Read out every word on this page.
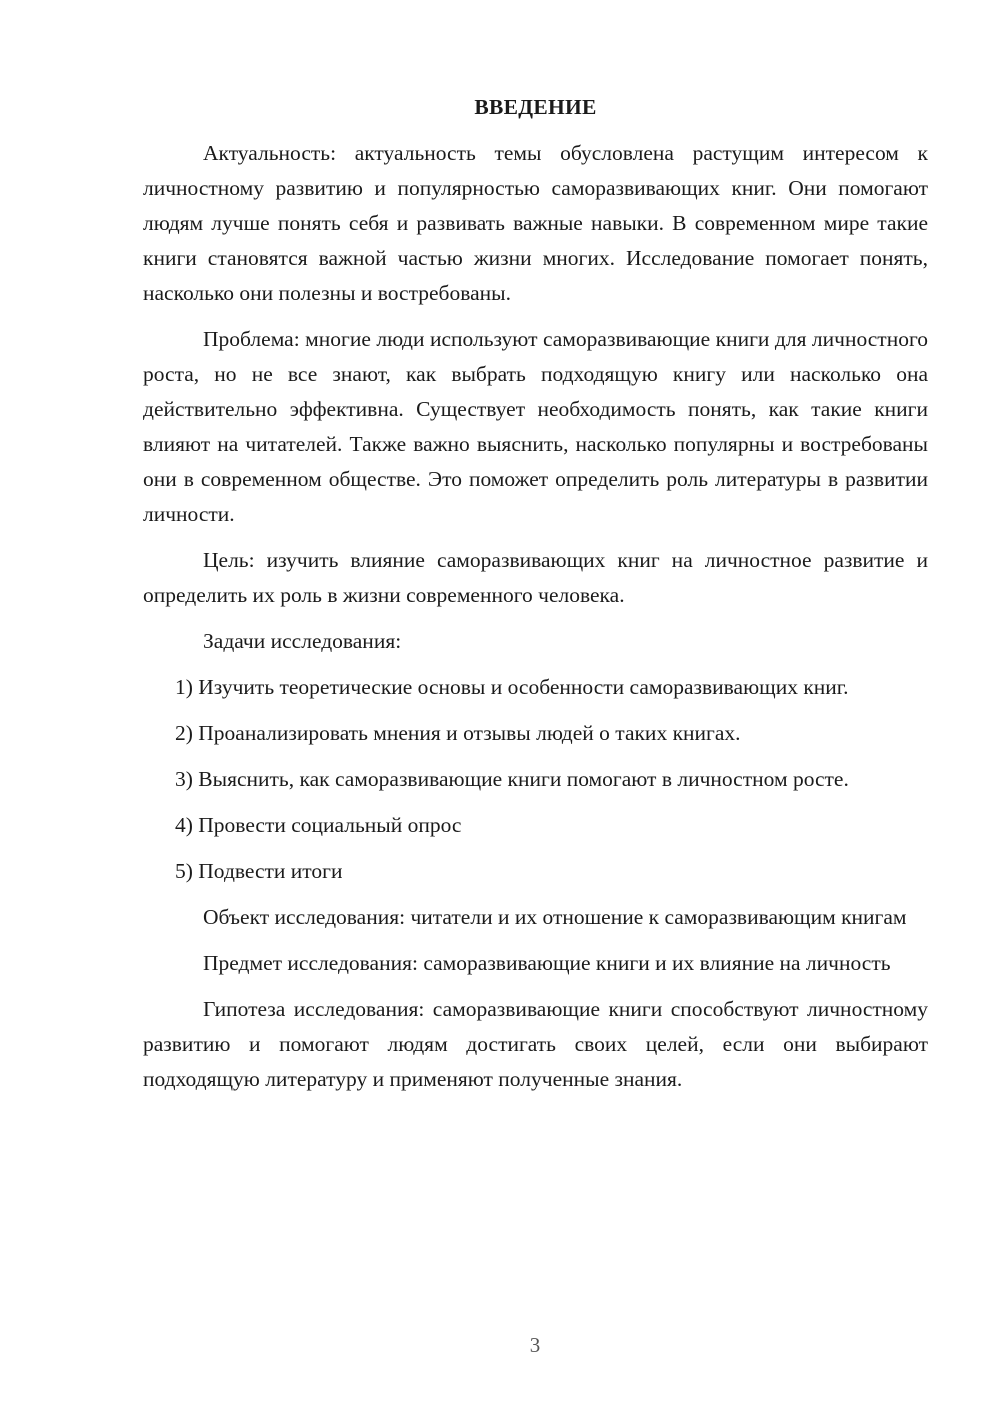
ВВЕДЕНИЕ

Актуальность: актуальность темы обусловлена растущим интересом к личностному развитию и популярностью саморазвивающих книг. Они помогают людям лучше понять себя и развивать важные навыки. В современном мире такие книги становятся важной частью жизни многих. Исследование помогает понять, насколько они полезны и востребованы.

Проблема: многие люди используют саморазвивающие книги для личностного роста, но не все знают, как выбрать подходящую книгу или насколько она действительно эффективна. Существует необходимость понять, как такие книги влияют на читателей. Также важно выяснить, насколько популярны и востребованы они в современном обществе. Это поможет определить роль литературы в развитии личности.

Цель: изучить влияние саморазвивающих книг на личностное развитие и определить их роль в жизни современного человека.

Задачи исследования:

1) Изучить теоретические основы и особенности саморазвивающих книг.

2) Проанализировать мнения и отзывы людей о таких книгах.

3) Выяснить, как саморазвивающие книги помогают в личностном росте.

4) Провести социальный опрос

5) Подвести итоги

Объект исследования: читатели и их отношение к саморазвивающим книгам

Предмет исследования: саморазвивающие книги и их влияние на личность

Гипотеза исследования: саморазвивающие книги способствуют личностному развитию и помогают людям достигать своих целей, если они выбирают подходящую литературу и применяют полученные знания.

3
